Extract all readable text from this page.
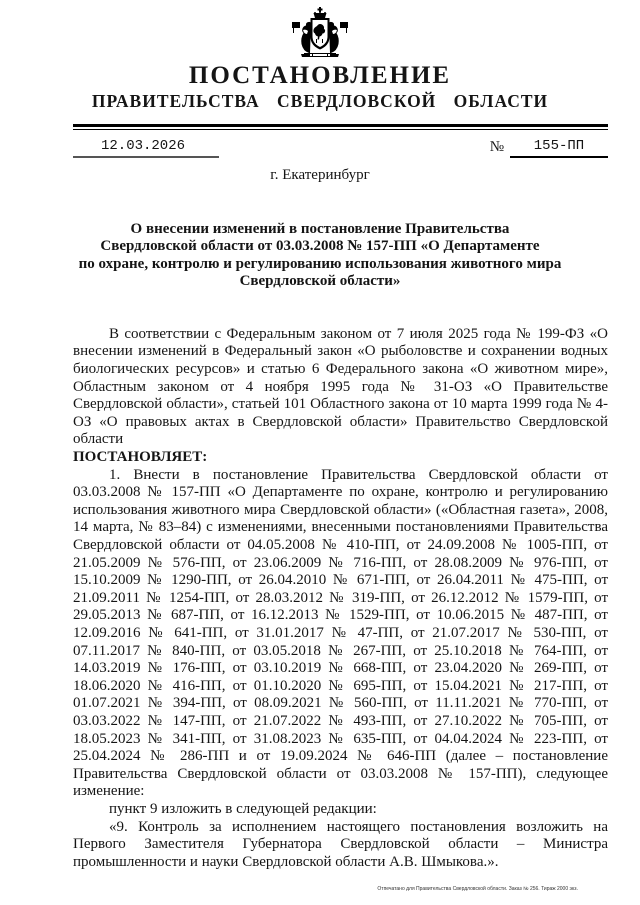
ПОСТАНОВЛЕНИЕ
ПРАВИТЕЛЬСТВА СВЕРДЛОВСКОЙ ОБЛАСТИ
12.03.2026	№	155-ПП
г. Екатеринбург
О внесении изменений в постановление Правительства
Свердловской области от 03.03.2008 № 157-ПП «О Департаменте
по охране, контролю и регулированию использования животного мира
Свердловской области»

В соответствии с Федеральным законом от 7 июля 2025 года № 199-ФЗ «О внесении изменений в Федеральный закон «О рыболовстве и сохранении водных биологических ресурсов» и статью 6 Федерального закона «О животном мире», Областным законом от 4 ноября 1995 года № 31-ОЗ «О Правительстве Свердловской области», статьей 101 Областного закона от 10 марта 1999 года № 4-ОЗ «О правовых актах в Свердловской области» Правительство Свердловской области

ПОСТАНОВЛЯЕТ:

1. Внести в постановление Правительства Свердловской области от 03.03.2008 № 157-ПП «О Департаменте по охране, контролю и регулированию использования животного мира Свердловской области» («Областная газета», 2008, 14 марта, № 83–84) с изменениями, внесенными постановлениями Правительства Свердловской области от 04.05.2008 № 410-ПП, от 24.09.2008 № 1005-ПП, от 21.05.2009 № 576-ПП, от 23.06.2009 № 716-ПП, от 28.08.2009 № 976-ПП, от 15.10.2009 № 1290-ПП, от 26.04.2010 № 671-ПП, от 26.04.2011 № 475-ПП, от 21.09.2011 № 1254-ПП, от 28.03.2012 № 319-ПП, от 26.12.2012 № 1579-ПП, от 29.05.2013 № 687-ПП, от 16.12.2013 № 1529-ПП, от 10.06.2015 № 487-ПП, от 12.09.2016 № 641-ПП, от 31.01.2017 № 47-ПП, от 21.07.2017 № 530-ПП, от 07.11.2017 № 840-ПП, от 03.05.2018 № 267-ПП, от 25.10.2018 № 764-ПП, от 14.03.2019 № 176-ПП, от 03.10.2019 № 668-ПП, от 23.04.2020 № 269-ПП, от 18.06.2020 № 416-ПП, от 01.10.2020 № 695-ПП, от 15.04.2021 № 217-ПП, от 01.07.2021 № 394-ПП, от 08.09.2021 № 560-ПП, от 11.11.2021 № 770-ПП, от 03.03.2022 № 147-ПП, от 21.07.2022 № 493-ПП, от 27.10.2022 № 705-ПП, от 18.05.2023 № 341-ПП, от 31.08.2023 № 635-ПП, от 04.04.2024 № 223-ПП, от 25.04.2024 № 286-ПП и от 19.09.2024 № 646-ПП (далее – постановление Правительства Свердловской области от 03.03.2008 № 157-ПП), следующее изменение:

пункт 9 изложить в следующей редакции:

«9. Контроль за исполнением настоящего постановления возложить на Первого Заместителя Губернатора Свердловской области – Министра промышленности и науки Свердловской области А.В. Шмыкова.».

Отпечатано для Правительства Свердловской области. Заказ № 256. Тираж 2000 экз.
